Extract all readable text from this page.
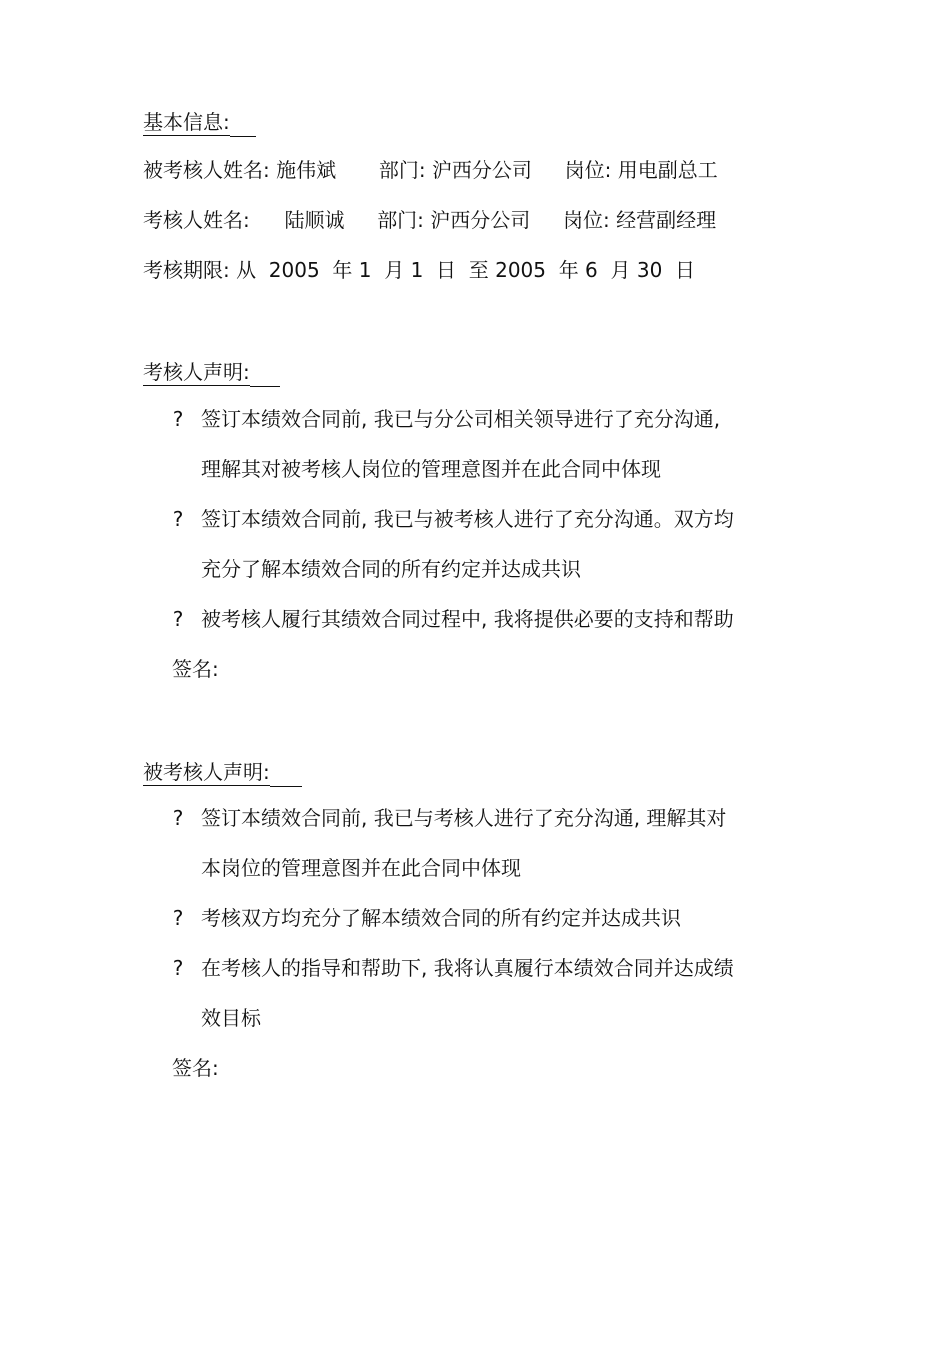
基本信息:
被考核人姓名: 施伟斌 部门: 沪西分公司 岗位: 用电副总工
考核人姓名: 陆顺诚 部门: 沪西分公司 岗位: 经营副经理
考核期限: 从  2005  年 1  月 1  日  至 2005  年 6  月 30  日
考核人声明:
? 签订本绩效合同前, 我已与分公司相关领导进行了充分沟通,
理解其对被考核人岗位的管理意图并在此合同中体现
? 签订本绩效合同前, 我已与被考核人进行了充分沟通。双方均
充分了解本绩效合同的所有约定并达成共识
? 被考核人履行其绩效合同过程中, 我将提供必要的支持和帮助
签名:
被考核人声明:
? 签订本绩效合同前, 我已与考核人进行了充分沟通, 理解其对
本岗位的管理意图并在此合同中体现
? 考核双方均充分了解本绩效合同的所有约定并达成共识
? 在考核人的指导和帮助下, 我将认真履行本绩效合同并达成绩
效目标
签名:
